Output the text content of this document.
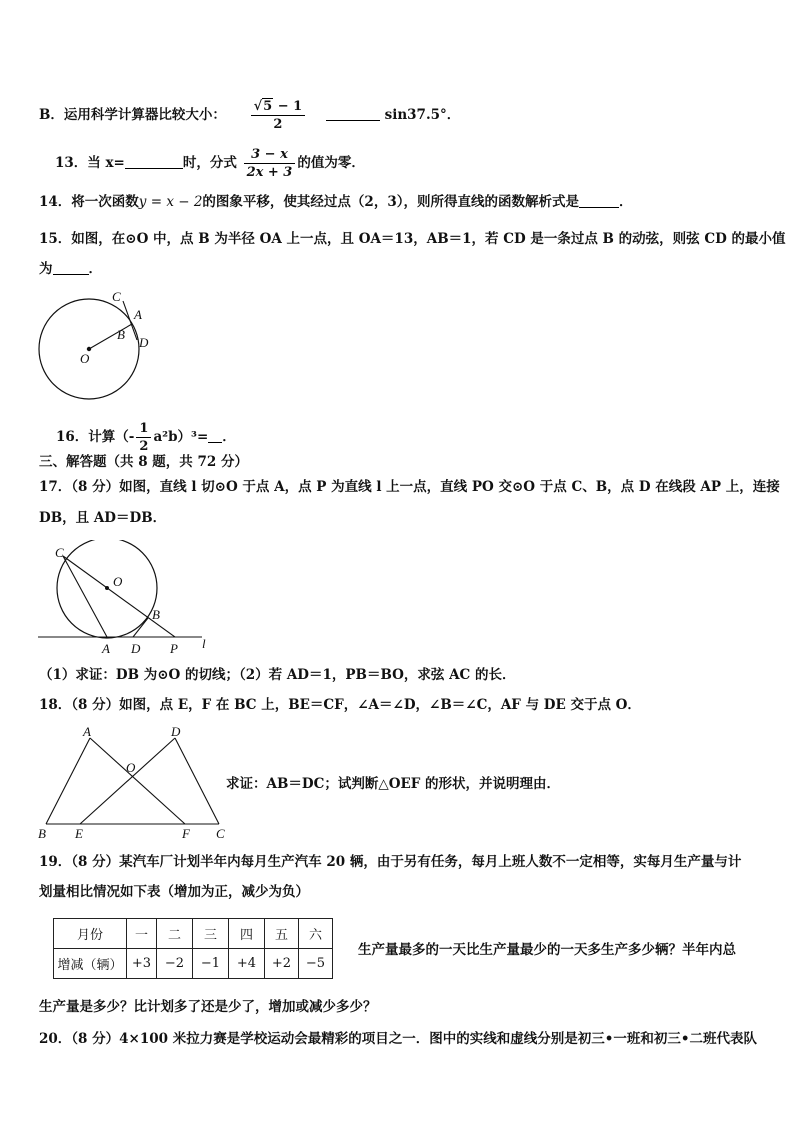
B．运用科学计算器比较大小： $\frac{√5 - 1}{2}$	sin37.5°．
13．当 x=	时，分式 $\frac{3 - x}{2x + 3}$ 的值为零．
14．将一次函数y = x − 2的图象平移，使其经过点（2，3），则所得直线的函数解析式是	．
15．如图，在⊙O 中，点 B 为半径 OA 上一点，且 OA＝13，AB＝1，若 CD 是一条过点 B 的动弦，则弦 CD 的最小值
为	．
C
A
B
D
O
16．计算（- $\frac{1}{2} a^2b)^3=$ ．
三、解答题（共 8 题，共 72 分）
17．（8 分）如图，直线 l 切⊙O 于点 A，点 P 为直线 l 上一点，直线 PO 交⊙O 于点 C、B，点 D 在线段 AP 上，连接
DB，且 AD＝DB．
C
O
B
A D P l
（1）求证：DB 为⊙O 的切线；（2）若 AD＝1，PB＝BO，求弦 AC 的长．
18．（8 分）如图，点 E，F 在 BC 上，BE＝CF，∠A＝∠D，∠B＝∠C，AF 与 DE 交于点 O．
A	D
O
B E	F C
求证：AB＝DC；试判断△OEF 的形状，并说明理由．
19．（8 分）某汽车厂计划半年内每月生产汽车 20 辆，由于另有任务，每月上班人数不一定相等，实每月生产量与计
划量相比情况如下表（增加为正，减少为负）
月份	一	二	三	四	五	六
增减（辆）	+3	−2	−1	+4	+2	−5
生产量最多的一天比生产量最少的一天多生产多少辆？半年内总
生产量是多少？比计划多了还是少了，增加或减少多少？
20．（8 分）4×100 米拉力赛是学校运动会最精彩的项目之一．图中的实线和虚线分别是初三•一班和初三•二班代表队
